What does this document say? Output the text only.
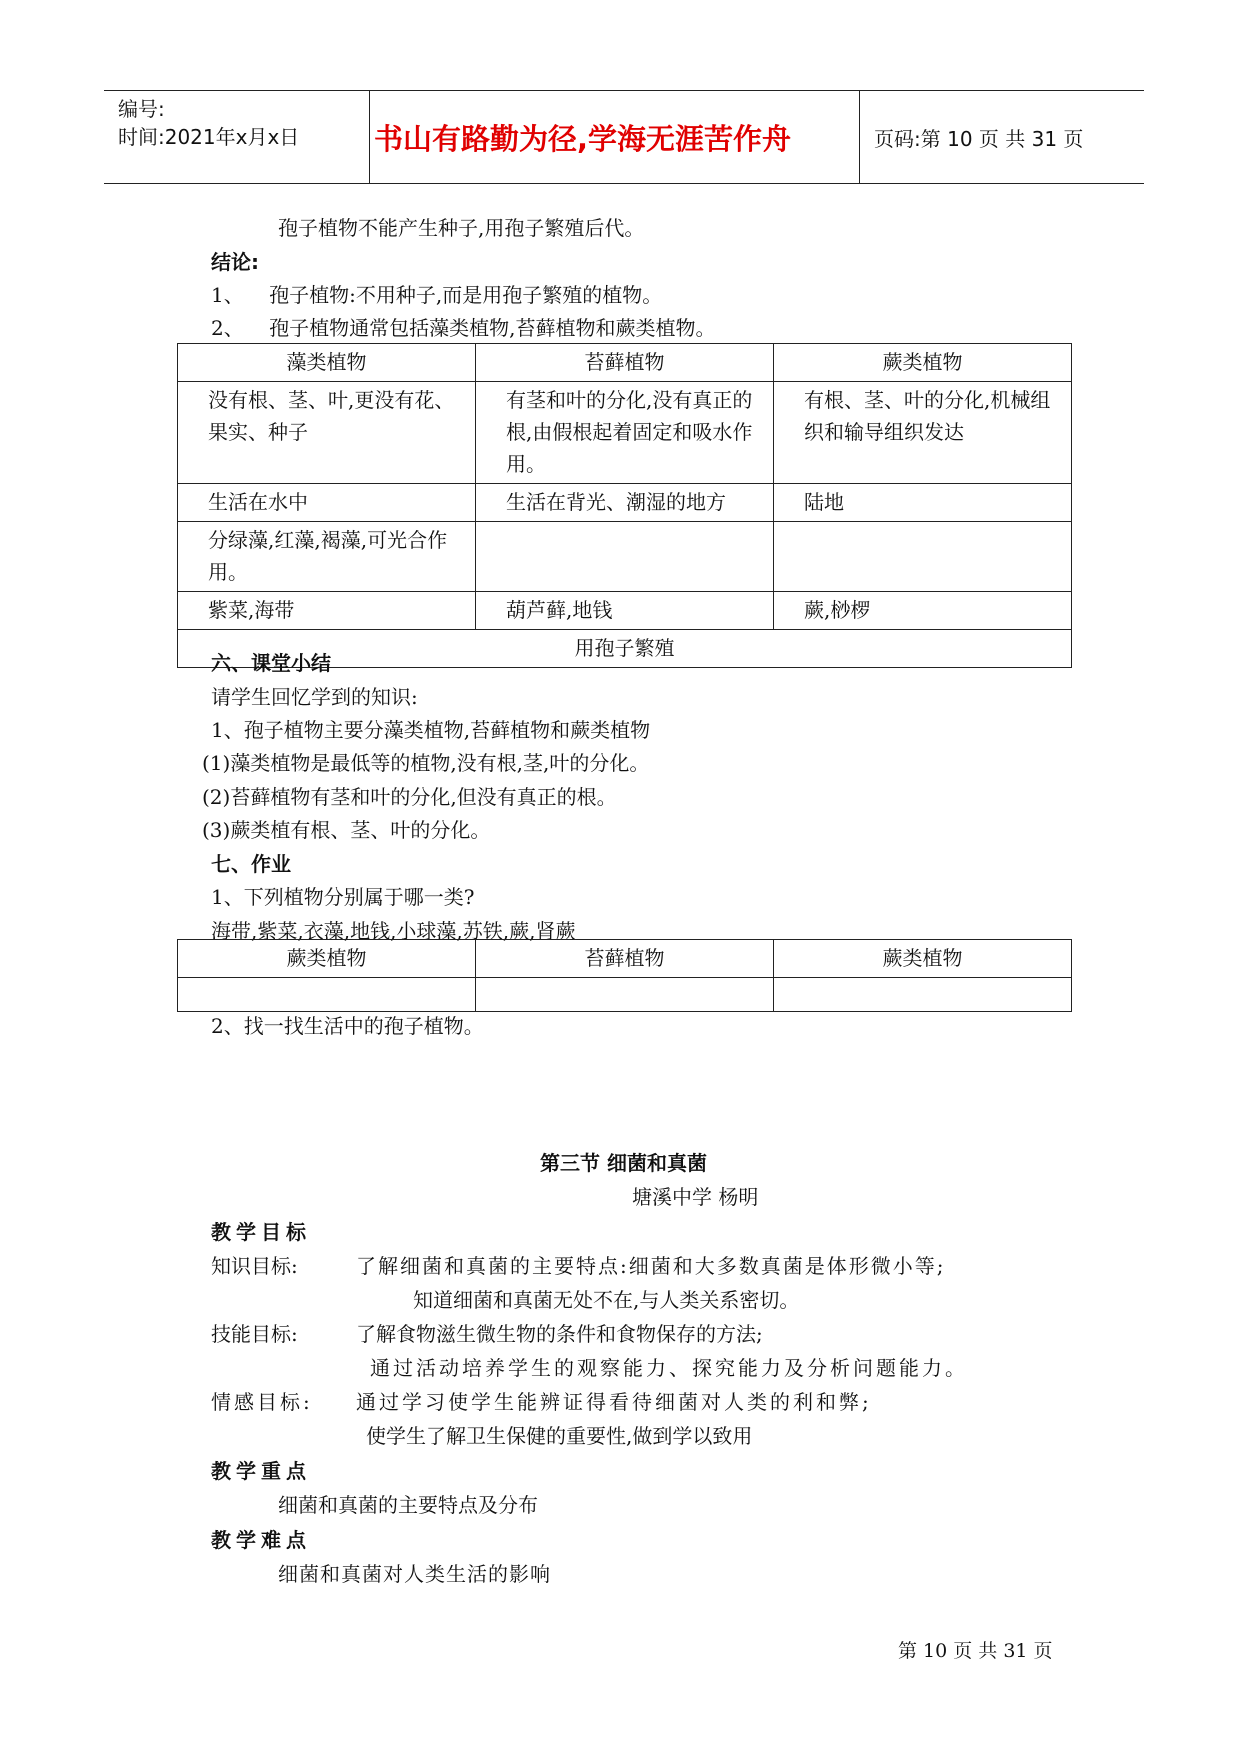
编号:
时间:2021年x月x日	书山有路勤为径,学海无涯苦作舟	页码:第 10 页 共 31 页
孢子植物不能产生种子,用孢子繁殖后代。
结论:
1、    孢子植物:不用种子,而是用孢子繁殖的植物。
2、    孢子植物通常包括藻类植物,苔藓植物和蕨类植物。
藻类植物	苔藓植物	蕨类植物
没有根、茎、叶,更没有花、果实、种子	有茎和叶的分化,没有真正的根,由假根起着固定和吸水作用。	有根、茎、叶的分化,机械组织和输导组织发达
生活在水中	生活在背光、潮湿的地方	陆地
分绿藻,红藻,褐藻,可光合作用。		
紫菜,海带	葫芦藓,地钱	蕨,桫椤
用孢子繁殖		
六、课堂小结
请学生回忆学到的知识:
1、孢子植物主要分藻类植物,苔藓植物和蕨类植物
(1)藻类植物是最低等的植物,没有根,茎,叶的分化。
(2)苔藓植物有茎和叶的分化,但没有真正的根。
(3)蕨类植有根、茎、叶的分化。
七、作业
1、下列植物分别属于哪一类?
海带,紫菜,衣藻,地钱,小球藻,苏铁,蕨,肾蕨
蕨类植物	苔藓植物	蕨类植物

2、找一找生活中的孢子植物。
第三节 细菌和真菌
塘溪中学 杨明
教学目标
知识目标:	了解细菌和真菌的主要特点:细菌和大多数真菌是体形微小等;
知道细菌和真菌无处不在,与人类关系密切。
技能目标:	了解食物滋生微生物的条件和食物保存的方法;
通过活动培养学生的观察能力、探究能力及分析问题能力。
情感目标: 通过学习使学生能辨证得看待细菌对人类的利和弊;
使学生了解卫生保健的重要性,做到学以致用
教学重点
细菌和真菌的主要特点及分布
教学难点
细菌和真菌对人类生活的影响
第 10 页 共 31 页
